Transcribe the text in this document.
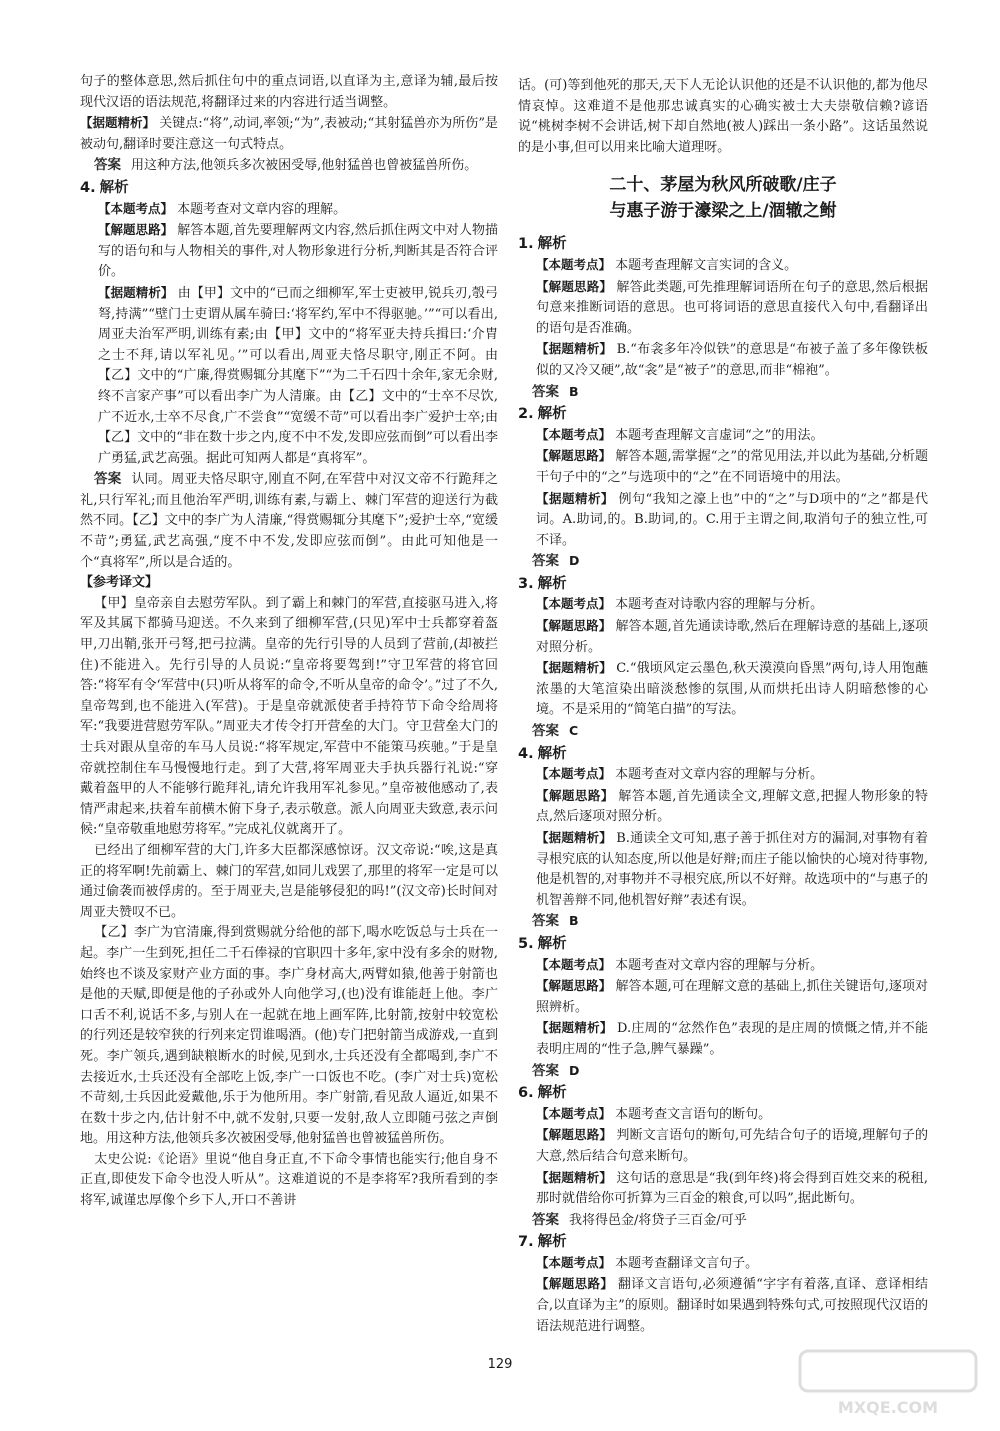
句子的整体意思,然后抓住句中的重点词语,以直译为主,意译为辅,最后按现代汉语的语法规范,将翻译过来的内容进行适当调整。

【据题精析】 关键点:“将”,动词,率领;“为”,表被动;“其射猛兽亦为所伤”是被动句,翻译时要注意这一句式特点。

答案 用这种方法,他领兵多次被困受辱,他射猛兽也曾被猛兽所伤。

4. 解析

【本题考点】 本题考查对文章内容的理解。

【解题思路】 解答本题,首先要理解两文内容,然后抓住两文中对人物描写的语句和与人物相关的事件,对人物形象进行分析,判断其是否符合评价。

【据题精析】 由【甲】文中的“已而之细柳军,军士吏被甲,锐兵刃,彀弓弩,持满”“壁门士吏谓从属车骑曰:‘将军约,军中不得驱驰。’”“可以看出,周亚夫治军严明,训练有素;由【甲】文中的“将军亚夫持兵揖曰:‘介胄之士不拜,请以军礼见。’”可以看出,周亚夫恪尽职守,刚正不阿。由【乙】文中的“广廉,得赏赐辄分其麾下”“为二千石四十余年,家无余财,终不言家产事”可以看出李广为人清廉。由【乙】文中的“士卒不尽饮,广不近水,士卒不尽食,广不尝食”“宽缓不苛”可以看出李广爱护士卒;由【乙】文中的“非在数十步之内,度不中不发,发即应弦而倒”可以看出李广勇猛,武艺高强。据此可知两人都是“真将军”。

答案 认同。周亚夫恪尽职守,刚直不阿,在军营中对汉文帝不行跪拜之礼,只行军礼;而且他治军严明,训练有素,与霸上、棘门军营的迎送行为截然不同。【乙】文中的李广为人清廉,“得赏赐辄分其麾下”;爱护士卒,“宽缓不苛”;勇猛,武艺高强,“度不中不发,发即应弦而倒”。由此可知他是一个“真将军”,所以是合适的。

【参考译文】

【甲】皇帝亲自去慰劳军队。到了霸上和棘门的军营,直接驱马进入,将军及其属下都骑马迎送。不久来到了细柳军营,(只见)军中士兵都穿着盔甲,刀出鞘,张开弓弩,把弓拉满。皇帝的先行引导的人员到了营前,(却被拦住)不能进入。先行引导的人员说:“皇帝将要驾到!”守卫军营的将官回答:“将军有令‘军营中(只)听从将军的命令,不听从皇帝的命令’。”过了不久,皇帝驾到,也不能进入(军营)。于是皇帝就派使者手持符节下命令给周将军:“我要进营慰劳军队。”周亚夫才传令打开营垒的大门。守卫营垒大门的士兵对跟从皇帝的车马人员说:“将军规定,军营中不能策马疾驰。”于是皇帝就控制住车马慢慢地行走。到了大营,将军周亚夫手执兵器行礼说:“穿戴着盔甲的人不能够行跪拜礼,请允许我用军礼参见。”皇帝被他感动了,表情严肃起来,扶着车前横木俯下身子,表示敬意。派人向周亚夫致意,表示问候:“皇帝敬重地慰劳将军。”完成礼仪就离开了。

已经出了细柳军营的大门,许多大臣都深感惊讶。汉文帝说:“唉,这是真正的将军啊!先前霸上、棘门的军营,如同儿戏罢了,那里的将军一定是可以通过偷袭而被俘虏的。至于周亚夫,岂是能够侵犯的吗!”(汉文帝)长时间对周亚夫赞叹不已。

【乙】李广为官清廉,得到赏赐就分给他的部下,喝水吃饭总与士兵在一起。李广一生到死,担任二千石俸禄的官职四十多年,家中没有多余的财物,始终也不谈及家财产业方面的事。李广身材高大,两臂如猿,他善于射箭也是他的天赋,即便是他的子孙或外人向他学习,(也)没有谁能赶上他。李广口舌不利,说话不多,与别人在一起就在地上画军阵,比射箭,按射中较宽松的行列还是较窄狭的行列来定罚谁喝酒。(他)专门把射箭当成游戏,一直到死。李广领兵,遇到缺粮断水的时候,见到水,士兵还没有全都喝到,李广不去接近水,士兵还没有全部吃上饭,李广一口饭也不吃。(李广对士兵)宽松不苛刻,士兵因此爱戴他,乐于为他所用。李广射箭,看见敌人逼近,如果不在数十步之内,估计射不中,就不发射,只要一发射,敌人立即随弓弦之声倒地。用这种方法,他领兵多次被困受辱,他射猛兽也曾被猛兽所伤。

太史公说:《论语》里说“他自身正直,不下命令事情也能实行;他自身不正直,即使发下命令也没人听从”。这难道说的不是李将军?我所看到的李将军,诚谨忠厚像个乡下人,开口不善讲

话。(可)等到他死的那天,天下人无论认识他的还是不认识他的,都为他尽情哀悼。这难道不是他那忠诚真实的心确实被士大夫崇敬信赖?谚语说“桃树李树不会讲话,树下却自然地(被人)踩出一条小路”。这话虽然说的是小事,但可以用来比喻大道理呀。

二十、茅屋为秋风所破歌/庄子
与惠子游于濠梁之上/涸辙之鲋
1. 解析

【本题考点】 本题考查理解文言实词的含义。

【解题思路】 解答此类题,可先推理解词语所在句子的意思,然后根据句意来推断词语的意思。也可将词语的意思直接代入句中,看翻译出的语句是否准确。

【据题精析】 B.“布衾多年冷似铁”的意思是“布被子盖了多年像铁板似的又冷又硬”,故“衾”是“被子”的意思,而非“棉袍”。

答案 B

2. 解析

【本题考点】 本题考查理解文言虚词“之”的用法。

【解题思路】 解答本题,需掌握“之”的常见用法,并以此为基础,分析题干句子中的“之”与选项中的“之”在不同语境中的用法。

【据题精析】 例句“我知之濠上也”中的“之”与D项中的“之”都是代词。A.助词,的。B.助词,的。C.用于主谓之间,取消句子的独立性,可不译。

答案 D

3. 解析

【本题考点】 本题考查对诗歌内容的理解与分析。

【解题思路】 解答本题,首先通读诗歌,然后在理解诗意的基础上,逐项对照分析。

【据题精析】 C.“俄顷风定云墨色,秋天漠漠向昏黑”两句,诗人用饱蘸浓墨的大笔渲染出暗淡愁惨的氛围,从而烘托出诗人阴暗愁惨的心境。不是采用的“简笔白描”的写法。

答案 C

4. 解析

【本题考点】 本题考查对文章内容的理解与分析。

【解题思路】 解答本题,首先通读全文,理解文意,把握人物形象的特点,然后逐项对照分析。

【据题精析】 B.通读全文可知,惠子善于抓住对方的漏洞,对事物有着寻根究底的认知态度,所以他是好辩;而庄子能以愉快的心境对待事物,他是机智的,对事物并不寻根究底,所以不好辩。故选项中的“与惠子的机智善辩不同,他机智好辩”表述有误。

答案 B

5. 解析

【本题考点】 本题考查对文章内容的理解与分析。

【解题思路】 解答本题,可在理解文意的基础上,抓住关键语句,逐项对照辨析。

【据题精析】 D.庄周的“忿然作色”表现的是庄周的愤慨之情,并不能表明庄周的“性子急,脾气暴躁”。

答案 D

6. 解析

【本题考点】 本题考查文言语句的断句。

【解题思路】 判断文言语句的断句,可先结合句子的语境,理解句子的大意,然后结合句意来断句。

【据题精析】 这句话的意思是“我(到年终)将会得到百姓交来的税租,那时就借给你可折算为三百金的粮食,可以吗”,据此断句。

答案 我将得邑金/将贷子三百金/可乎

7. 解析

【本题考点】 本题考查翻译文言句子。

【解题思路】 翻译文言语句,必须遵循“字字有着落,直译、意译相结合,以直译为主”的原则。翻译时如果遇到特殊句式,可按照现代汉语的语法规范进行调整。

129
MXQE.COM
